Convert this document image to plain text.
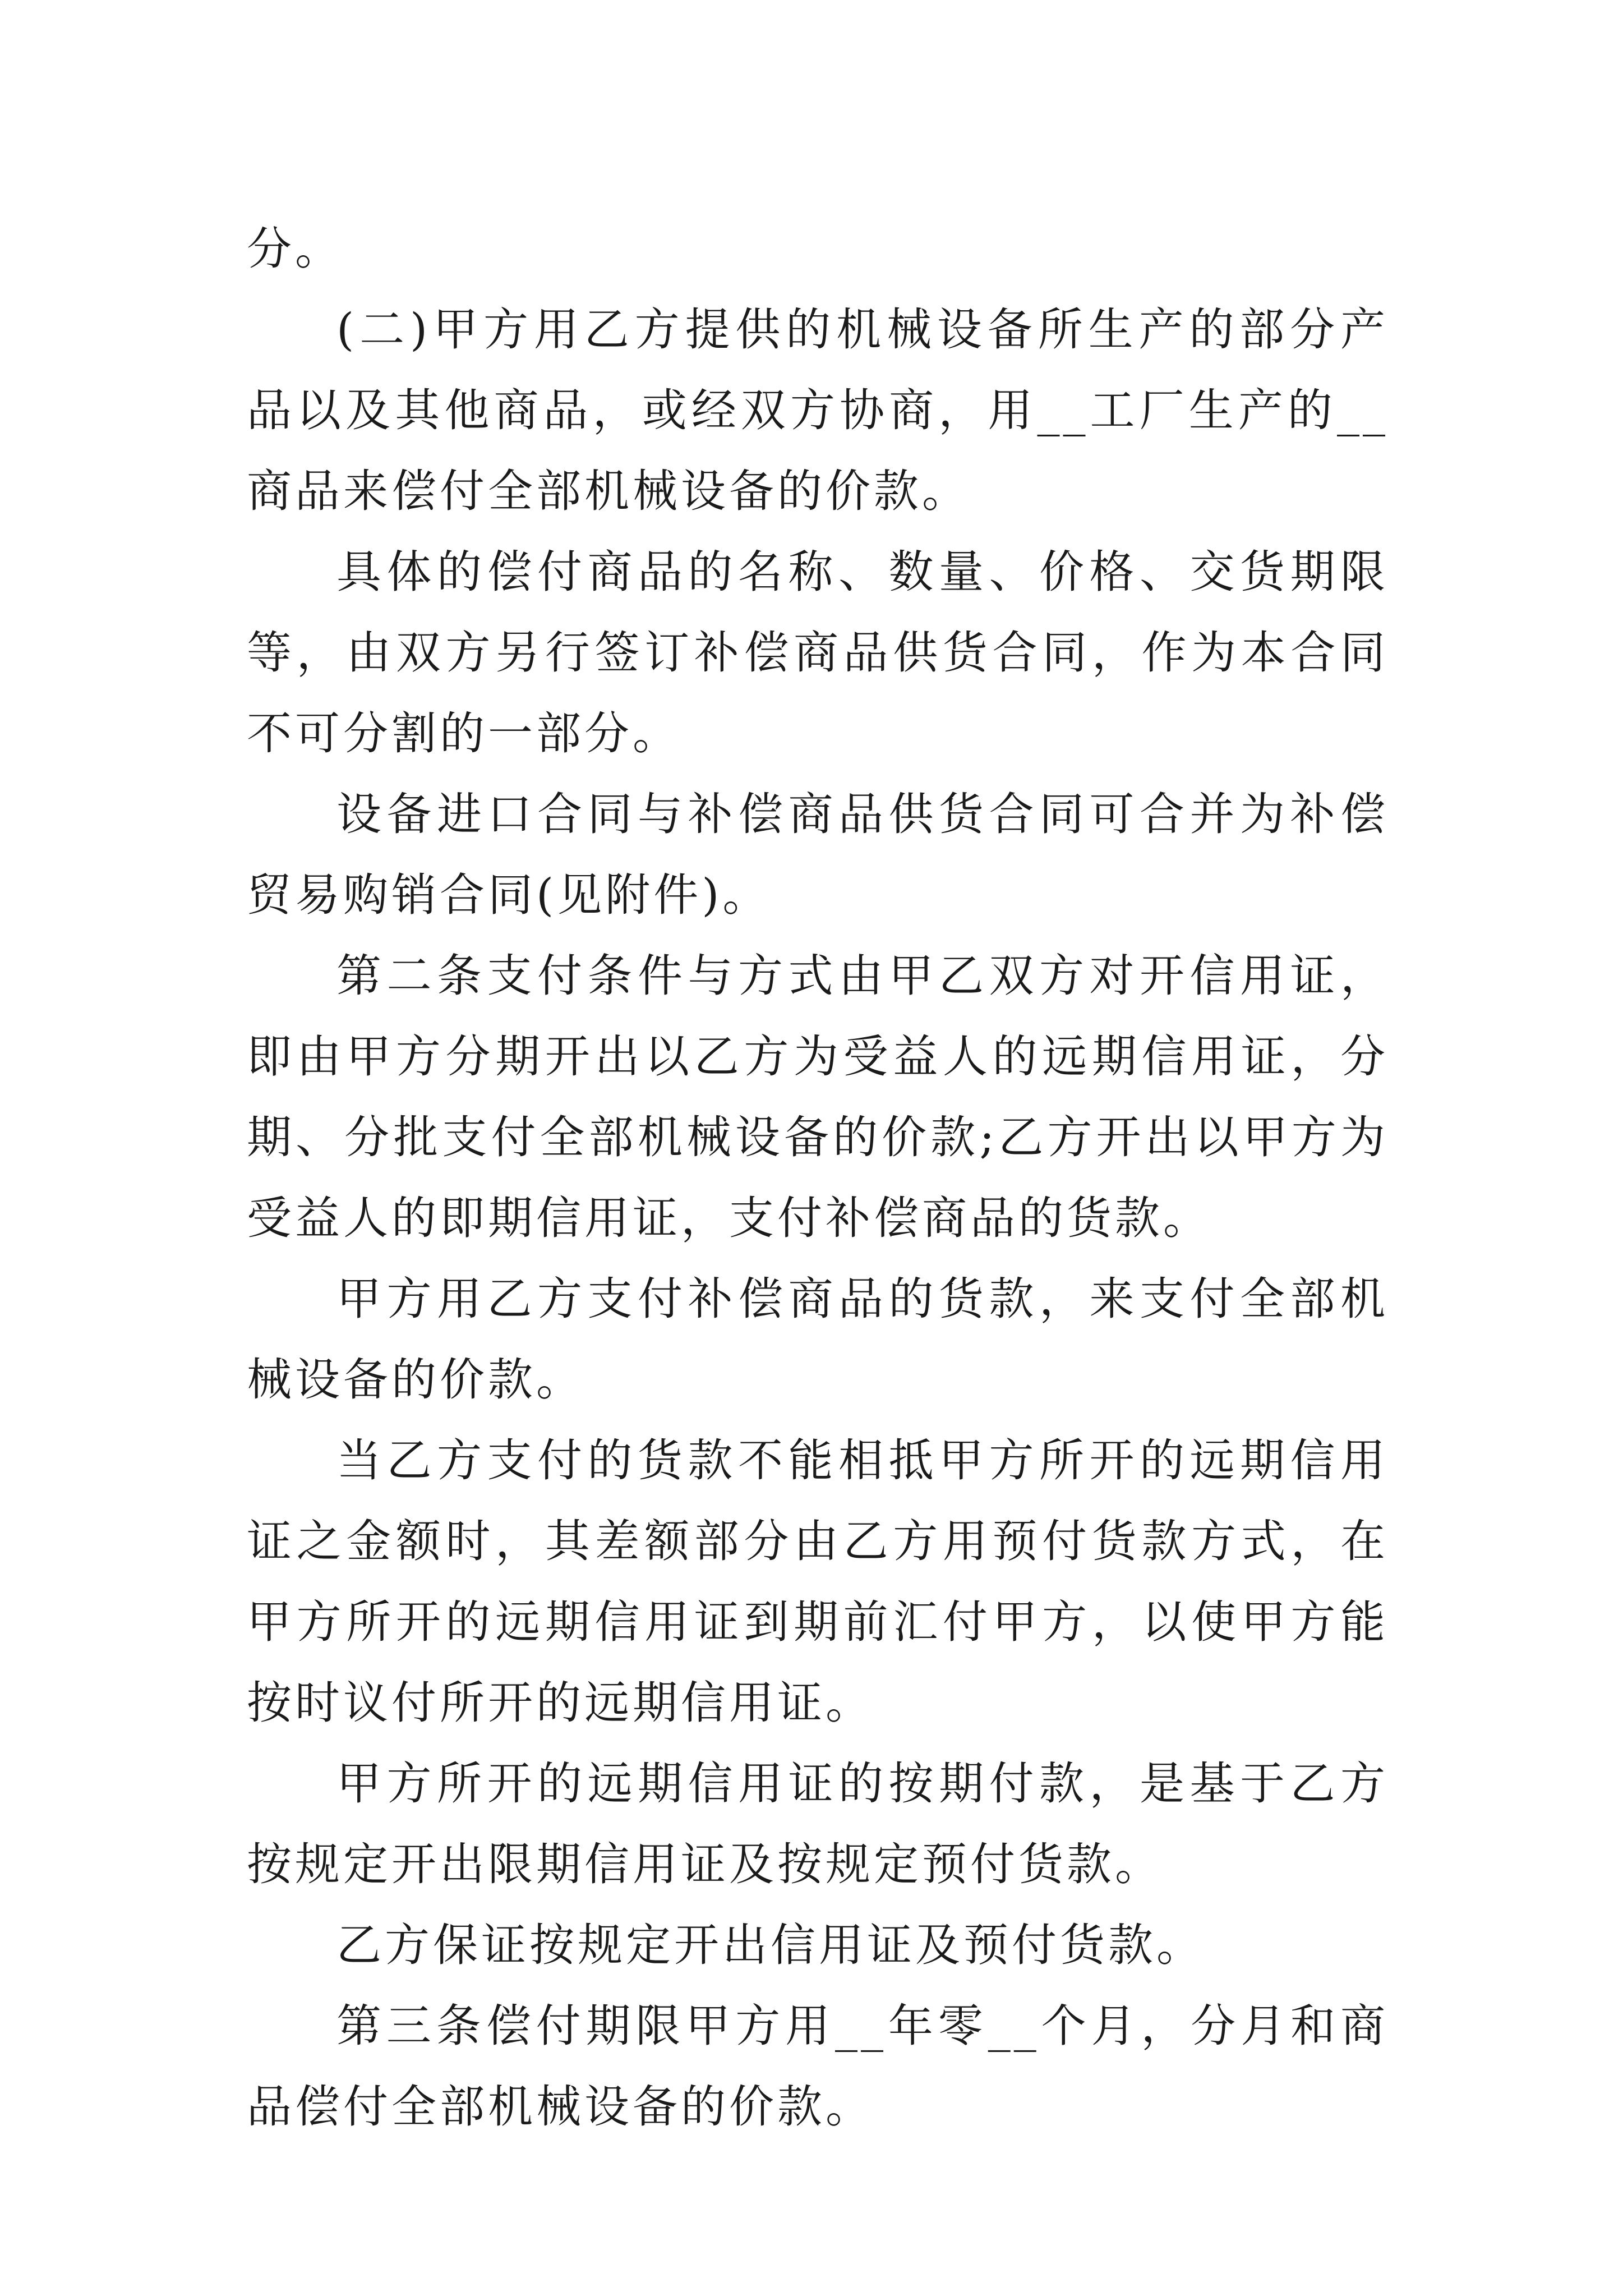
分。

(二)甲方用乙方提供的机械设备所生产的部分产品以及其他商品，或经双方协商，用__工厂生产的__商品来偿付全部机械设备的价款。

具体的偿付商品的名称、数量、价格、交货期限等，由双方另行签订补偿商品供货合同，作为本合同不可分割的一部分。

设备进口合同与补偿商品供货合同可合并为补偿贸易购销合同(见附件)。

第二条支付条件与方式由甲乙双方对开信用证，即由甲方分期开出以乙方为受益人的远期信用证，分期、分批支付全部机械设备的价款;乙方开出以甲方为受益人的即期信用证，支付补偿商品的货款。

甲方用乙方支付补偿商品的货款，来支付全部机械设备的价款。

当乙方支付的货款不能相抵甲方所开的远期信用证之金额时，其差额部分由乙方用预付货款方式，在甲方所开的远期信用证到期前汇付甲方，以使甲方能按时议付所开的远期信用证。

甲方所开的远期信用证的按期付款，是基于乙方按规定开出限期信用证及按规定预付货款。

乙方保证按规定开出信用证及预付货款。

第三条偿付期限甲方用__年零__个月，分月和商品偿付全部机械设备的价款。
